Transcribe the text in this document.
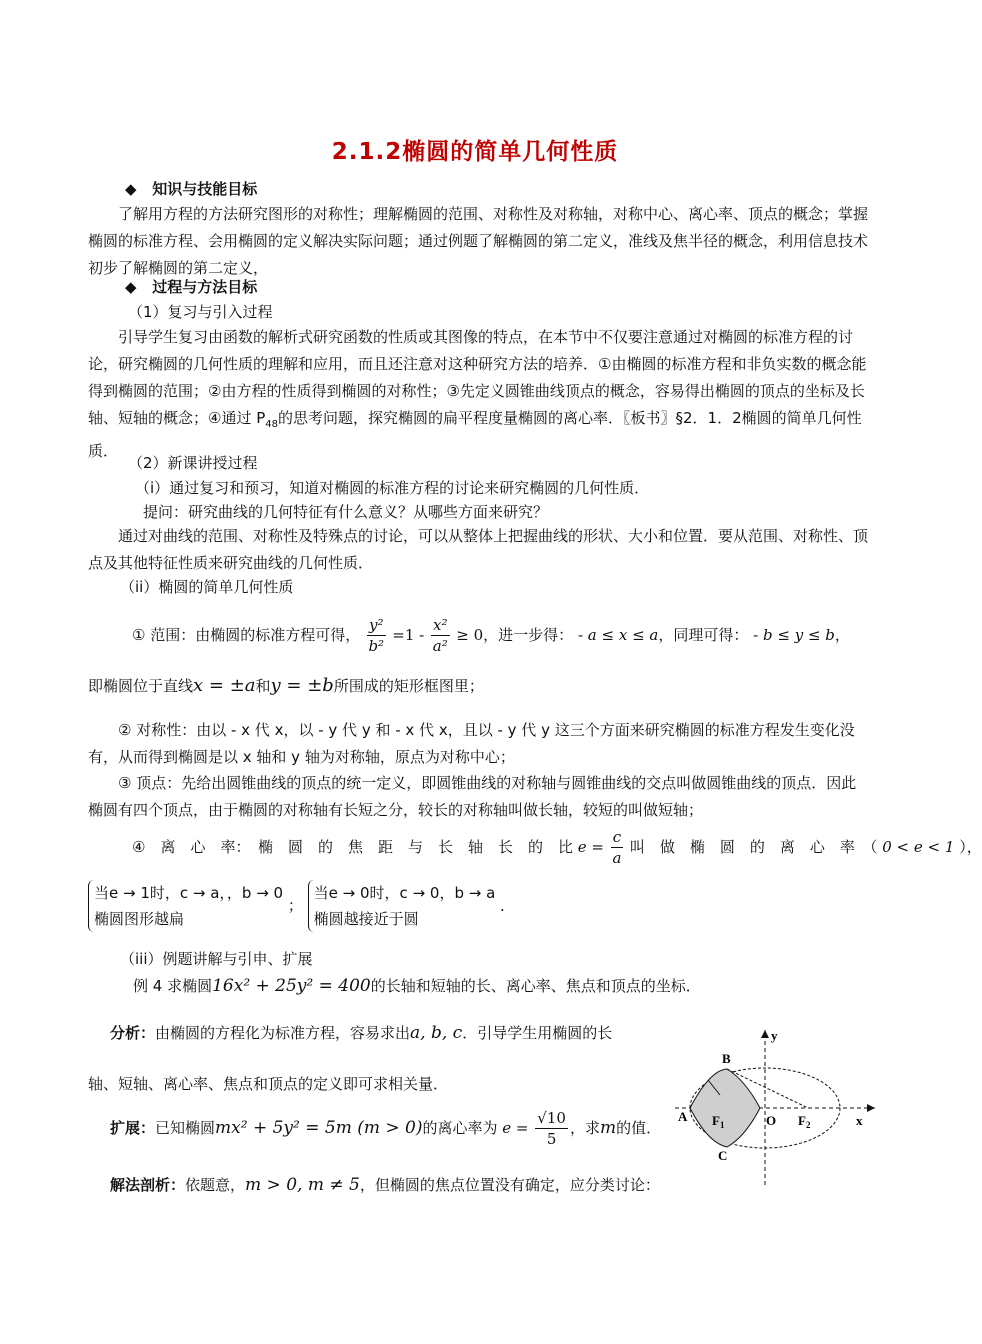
2.1.2椭圆的简单几何性质
◆ 知识与技能目标
了解用方程的方法研究图形的对称性；理解椭圆的范围、对称性及对称轴，对称中心、离心率、顶点的概念；掌握椭圆的标准方程、会用椭圆的定义解决实际问题；通过例题了解椭圆的第二定义，准线及焦半径的概念，利用信息技术初步了解椭圆的第二定义，
◆ 过程与方法目标
（1）复习与引入过程
引导学生复习由函数的解析式研究函数的性质或其图像的特点，在本节中不仅要注意通过对椭圆的标准方程的讨论，研究椭圆的几何性质的理解和应用，而且还注意对这种研究方法的培养．①由椭圆的标准方程和非负实数的概念能得到椭圆的范围；②由方程的性质得到椭圆的对称性；③先定义圆锥曲线顶点的概念，容易得出椭圆的顶点的坐标及长轴、短轴的概念；④通过 $P_{48}$的思考问题，探究椭圆的扁平程度量椭圆的离心率．〖板书〗§2．1．2椭圆的简单几何性质．
（2）新课讲授过程
（i）通过复习和预习，知道对椭圆的标准方程的讨论来研究椭圆的几何性质．
提问：研究曲线的几何特征有什么意义？从哪些方面来研究？
通过对曲线的范围、对称性及特殊点的讨论，可以从整体上把握曲线的形状、大小和位置．要从范围、对称性、顶点及其他特征性质来研究曲线的几何性质．
（ii）椭圆的简单几何性质
① 范围：由椭圆的标准方程可得， $\frac{\text{y²}}{\text{b²}} =1 - \frac{\text{x²}}{\text{a²}} \ge 0$，进一步得： - a ≤ x ≤ a，同理可得： - b ≤ y ≤ b，
即椭圆位于直线x = ±a和y = ±b所围成的矩形框图里；
② 对称性：由以 - x 代 x，以 - y 代 y 和 - x 代 x，且以 - y 代 y 这三个方面来研究椭圆的标准方程发生变化没有，从而得到椭圆是以 x 轴和 y 轴为对称轴，原点为对称中心；
③ 顶点：先给出圆锥曲线的顶点的统一定义，即圆锥曲线的对称轴与圆锥曲线的交点叫做圆锥曲线的顶点．因此椭圆有四个顶点，由于椭圆的对称轴有长短之分，较长的对称轴叫做长轴，较短的叫做短轴；
④　离　心　率：　椭　圆　的　焦　距　与　长　轴　长　的　比 $e = \frac{c}{a}$ 叫　做　椭　圆　的　离　心　率　（ 0 < e < 1 ），
当e → 1时，c → a，，b → 0
椭圆图形越扁
；
当e → 0时，c → 0，b → a
椭圆越接近于圆
．
（iii）例题讲解与引申、扩展
例 4 求椭圆16x² + 25y² = 400的长轴和短轴的长、离心率、焦点和顶点的坐标．
分析：由椭圆的方程化为标准方程，容易求出a, b, c．引导学生用椭圆的长
轴、短轴、离心率、焦点和顶点的定义即可求相关量．
扩展：已知椭圆mx² + 5y² = 5m (m > 0)的离心率为 $e = \frac{√10}{5}$ ，求m的值．
解法剖析：依题意，m > 0, m ≠ 5，但椭圆的焦点位置没有确定，应分类讨论：
B
A
C
O
$F_1$	$F_2$	x
y
